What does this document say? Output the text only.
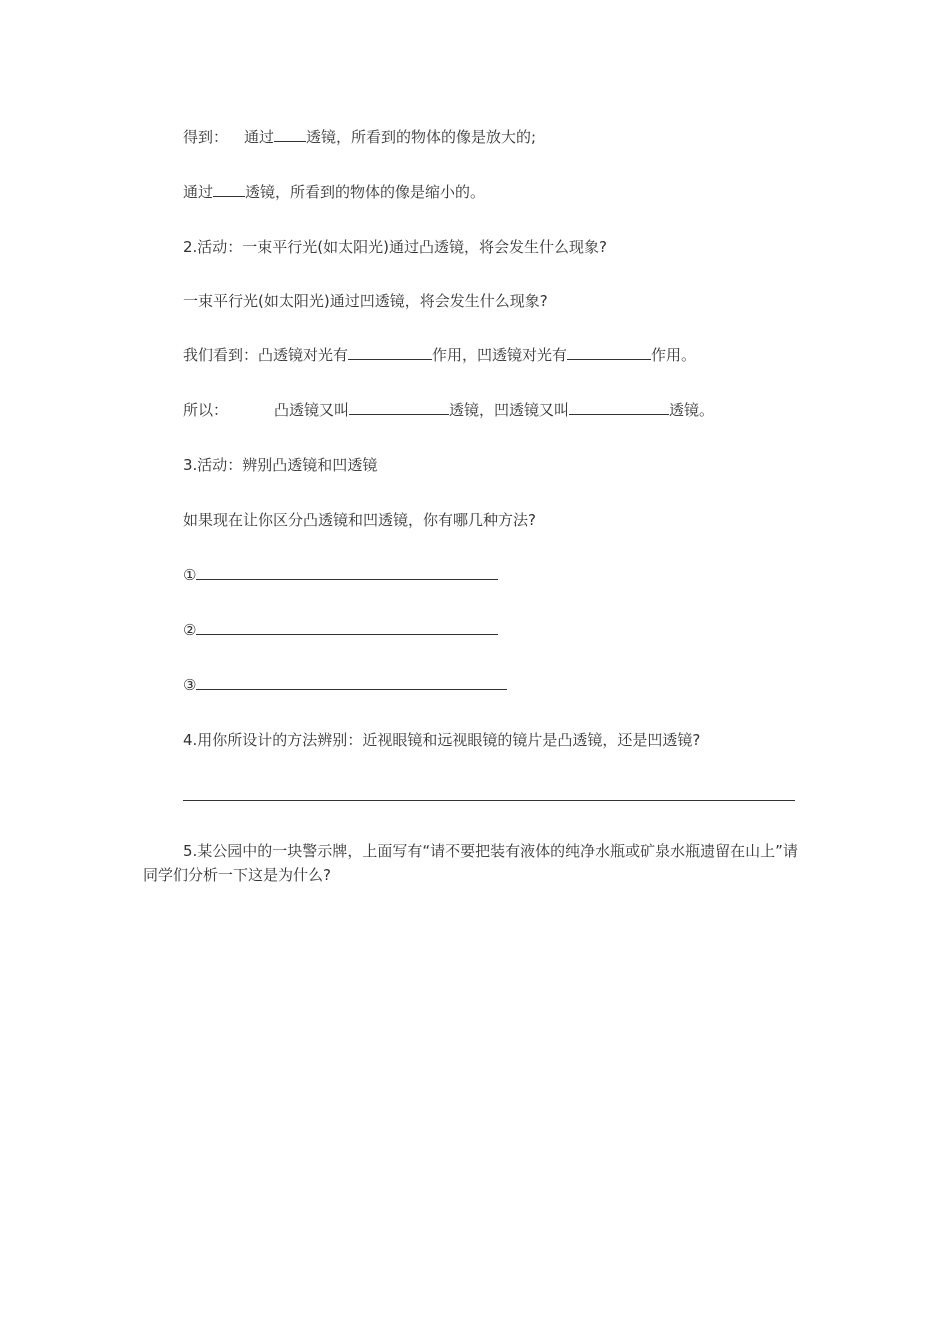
得到： 通过 透镜，所看到的物体的像是放大的;
通过 透镜，所看到的物体的像是缩小的。
2.活动：一束平行光(如太阳光)通过凸透镜，将会发生什么现象?
一束平行光(如太阳光)通过凹透镜，将会发生什么现象?
我们看到：凸透镜对光有	作用，凹透镜对光有	作用。
所以：	凸透镜又叫	透镜，凹透镜又叫	透镜。
3.活动：辨别凸透镜和凹透镜
如果现在让你区分凸透镜和凹透镜，你有哪几种方法?
①
②
③
4.用你所设计的方法辨别：近视眼镜和远视眼镜的镜片是凸透镜，还是凹透镜?
5.某公园中的一块警示牌，上面写有“请不要把装有液体的纯净水瓶或矿泉水瓶遗留在山上”请同学们分析一下这是为什么?
